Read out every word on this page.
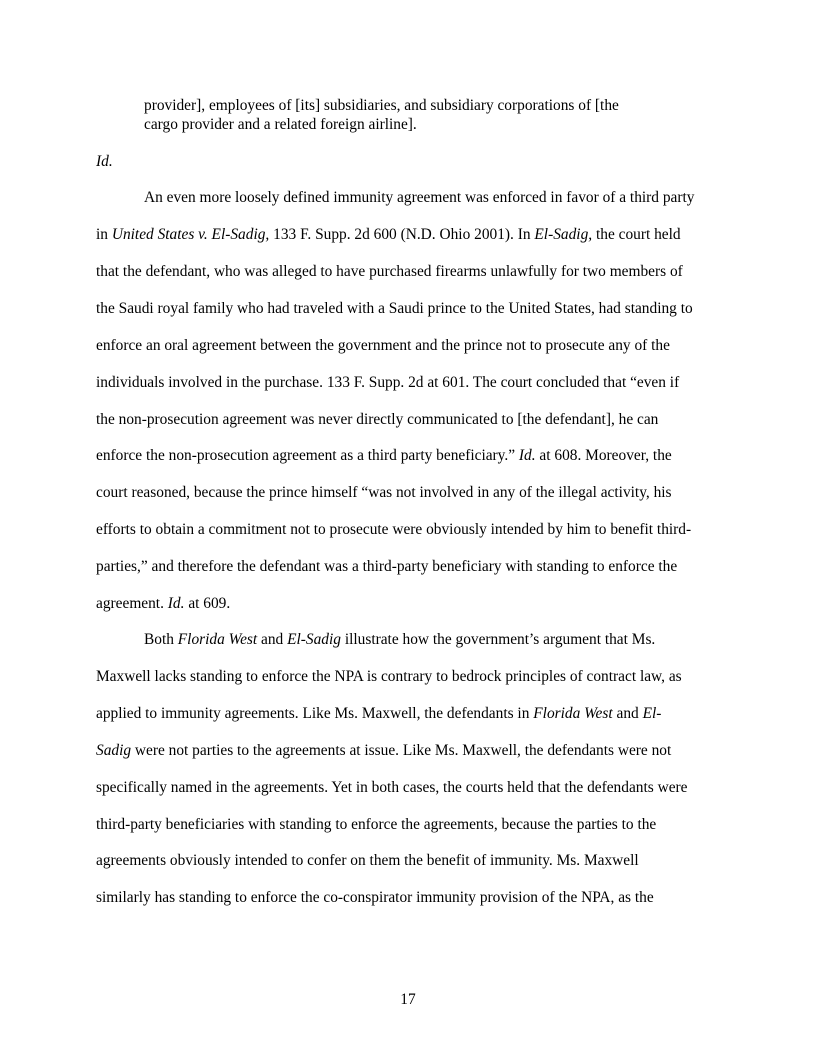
provider], employees of [its] subsidiaries, and subsidiary corporations of [the
cargo provider and a related foreign airline].
Id.
An even more loosely defined immunity agreement was enforced in favor of a third party
in United States v. El-Sadig, 133 F. Supp. 2d 600 (N.D. Ohio 2001). In El-Sadig, the court held
that the defendant, who was alleged to have purchased firearms unlawfully for two members of
the Saudi royal family who had traveled with a Saudi prince to the United States, had standing to
enforce an oral agreement between the government and the prince not to prosecute any of the
individuals involved in the purchase. 133 F. Supp. 2d at 601. The court concluded that “even if
the non-prosecution agreement was never directly communicated to [the defendant], he can
enforce the non-prosecution agreement as a third party beneficiary.” Id. at 608. Moreover, the
court reasoned, because the prince himself “was not involved in any of the illegal activity, his
efforts to obtain a commitment not to prosecute were obviously intended by him to benefit third-
parties,” and therefore the defendant was a third-party beneficiary with standing to enforce the
agreement. Id. at 609.
Both Florida West and El-Sadig illustrate how the government’s argument that Ms.
Maxwell lacks standing to enforce the NPA is contrary to bedrock principles of contract law, as
applied to immunity agreements. Like Ms. Maxwell, the defendants in Florida West and El-
Sadig were not parties to the agreements at issue. Like Ms. Maxwell, the defendants were not
specifically named in the agreements. Yet in both cases, the courts held that the defendants were
third-party beneficiaries with standing to enforce the agreements, because the parties to the
agreements obviously intended to confer on them the benefit of immunity. Ms. Maxwell
similarly has standing to enforce the co-conspirator immunity provision of the NPA, as the
17
